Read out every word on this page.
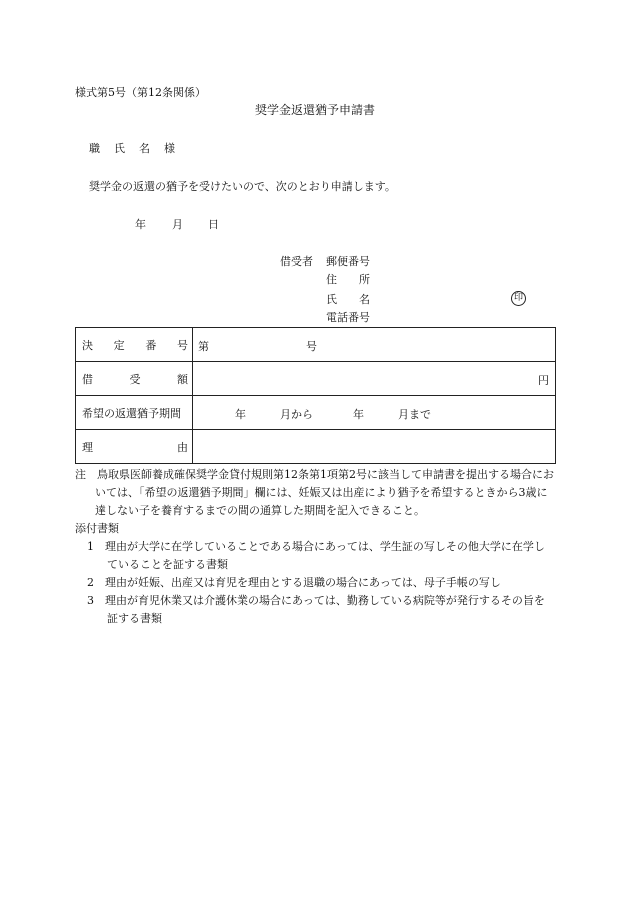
様式第5号（第12条関係）
奨学金返還猶予申請書
職 氏 名 様
奨学金の返還の猶予を受けたいので、次のとおり申請します。
年 月 日
借受者 郵便番号
住 所
氏 名	印
電話番号
決 定 番 号	第 号

借 受 額	円

希望の返還猶予期間	年 月から 年 月まで

理 由	

注　鳥取県医師養成確保奨学金貸付規則第12条第1項第2号に該当して申請書を提出する場合においては、「希望の返還猶予期間」欄には、妊娠又は出産により猶予を希望するときから3歳に達しない子を養育するまでの間の通算した期間を記入できること。

添付書類

1　理由が大学に在学していることである場合にあっては、学生証の写しその他大学に在学していることを証する書類

2　理由が妊娠、出産又は育児を理由とする退職の場合にあっては、母子手帳の写し

3　理由が育児休業又は介護休業の場合にあっては、勤務している病院等が発行するその旨を証する書類
